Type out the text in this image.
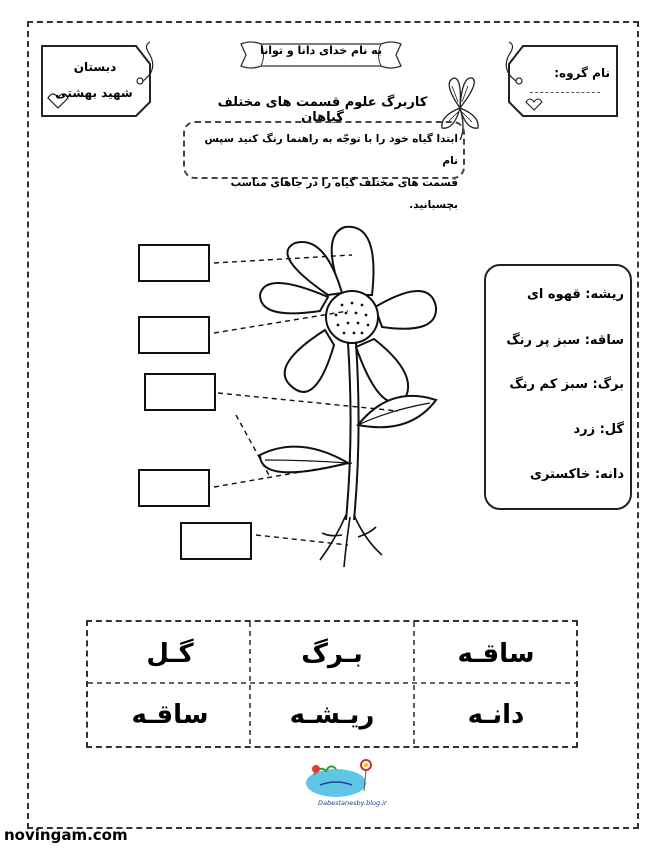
به نام خدای دانا و توانا
دبستان
شهید بهشتی
نام گروه:
کاربرگ علوم قسمت های مختلف گیاهان
ابتدا گیاه خود را با توجّه به راهنما رنگ کنید سپس نام
قسمت های مختلف گیاه را در جاهای مناسب بچسبانید.
ریشه: قهوه ای
ساقه: سبز پر رنگ
برگ: سبز کم رنگ
گل: زرد
دانه: خاکستری
ساقـه
بـرگ
گـل
دانـه
ریـشـه
ساقـه
Dabestanesby.blog.ir
novingam.com
